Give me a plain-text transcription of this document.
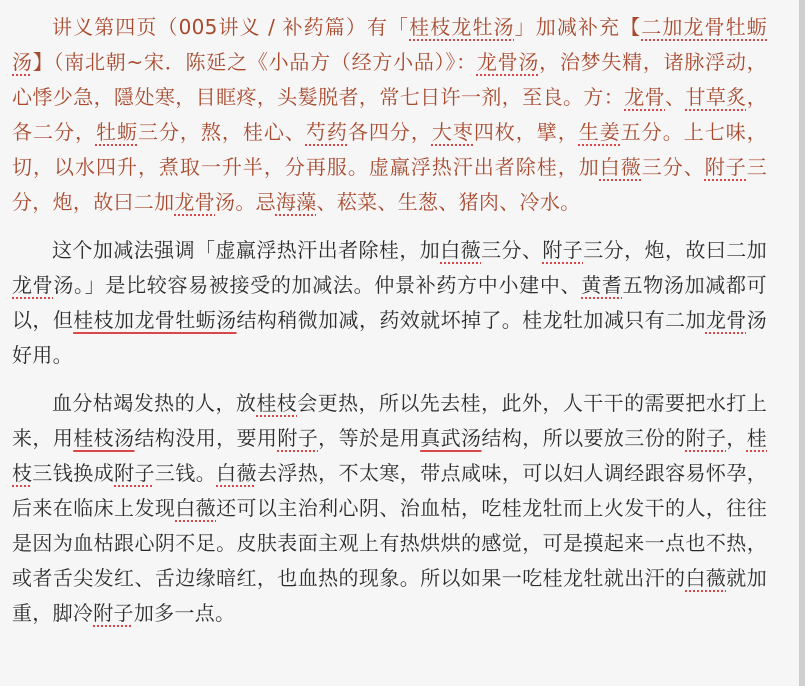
讲义第四页（005讲义 / 补药篇）有「桂枝龙牡汤」加减补充【二加龙骨牡蛎汤】（南北朝~宋．陈延之《小品方（经方小品）》：龙骨汤，治梦失精，诸脉浮动，心悸少急，隱处寒，目眶疼，头髮脱者，常七日许一剂，至良。方：龙骨、甘草炙，各二分，牡蛎三分，熬，桂心、芍药各四分，大枣四枚，擘，生姜五分。上七味，切，以水四升，煮取一升半，分再服。虚羸浮热汗出者除桂，加白薇三分、附子三分，炮，故曰二加龙骨汤。忌海藻、菘菜、生葱、猪肉、冷水。

这个加减法强调「虚羸浮热汗出者除桂，加白薇三分、附子三分，炮，故曰二加龙骨汤。」是比较容易被接受的加减法。仲景补药方中小建中、黄耆五物汤加减都可以，但桂枝加龙骨牡蛎汤结构稍微加减，药效就坏掉了。桂龙牡加减只有二加龙骨汤好用。

血分枯竭发热的人，放桂枝会更热，所以先去桂，此外，人干干的需要把水打上来，用桂枝汤结构没用，要用附子，等於是用真武汤结构，所以要放三份的附子，桂枝三钱换成附子三钱。白薇去浮热，不太寒，带点咸味，可以妇人调经跟容易怀孕，后来在临床上发现白薇还可以主治利心阴、治血枯，吃桂龙牡而上火发干的人，往往是因为血枯跟心阴不足。皮肤表面主观上有热烘烘的感觉，可是摸起来一点也不热，或者舌尖发红、舌边缘暗红，也血热的现象。所以如果一吃桂龙牡就出汗的白薇就加重，脚冷附子加多一点。
